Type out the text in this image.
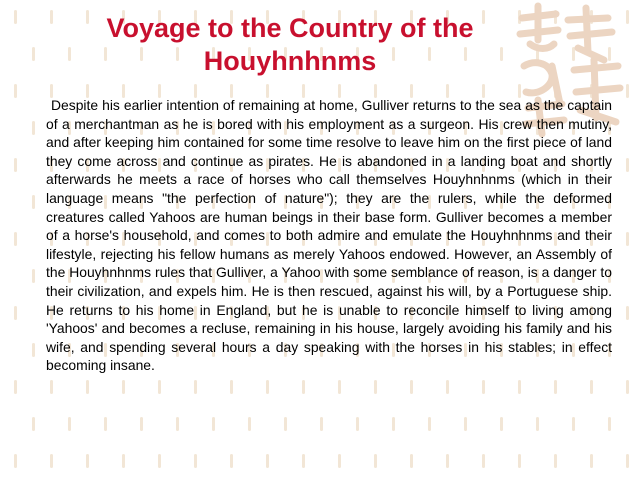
Voyage to the Country of the Houyhnhnms

Despite his earlier intention of remaining at home, Gulliver returns to the sea as the captain of a merchantman as he is bored with his employment as a surgeon. His crew then mutiny, and after keeping him contained for some time resolve to leave him on the first piece of land they come across and continue as pirates. He is abandoned in a landing boat and shortly afterwards he meets a race of horses who call themselves Houyhnhnms (which in their language means "the perfection of nature"); they are the rulers, while the deformed creatures called Yahoos are human beings in their base form. Gulliver becomes a member of a horse's household, and comes to both admire and emulate the Houyhnhnms and their lifestyle, rejecting his fellow humans as merely Yahoos endowed. However, an Assembly of the Houyhnhnms rules that Gulliver, a Yahoo with some semblance of reason, is a danger to their civilization, and expels him. He is then rescued, against his will, by a Portuguese ship. He returns to his home in England, but he is unable to reconcile himself to living among 'Yahoos' and becomes a recluse, remaining in his house, largely avoiding his family and his wife, and spending several hours a day speaking with the horses in his stables; in effect becoming insane.
